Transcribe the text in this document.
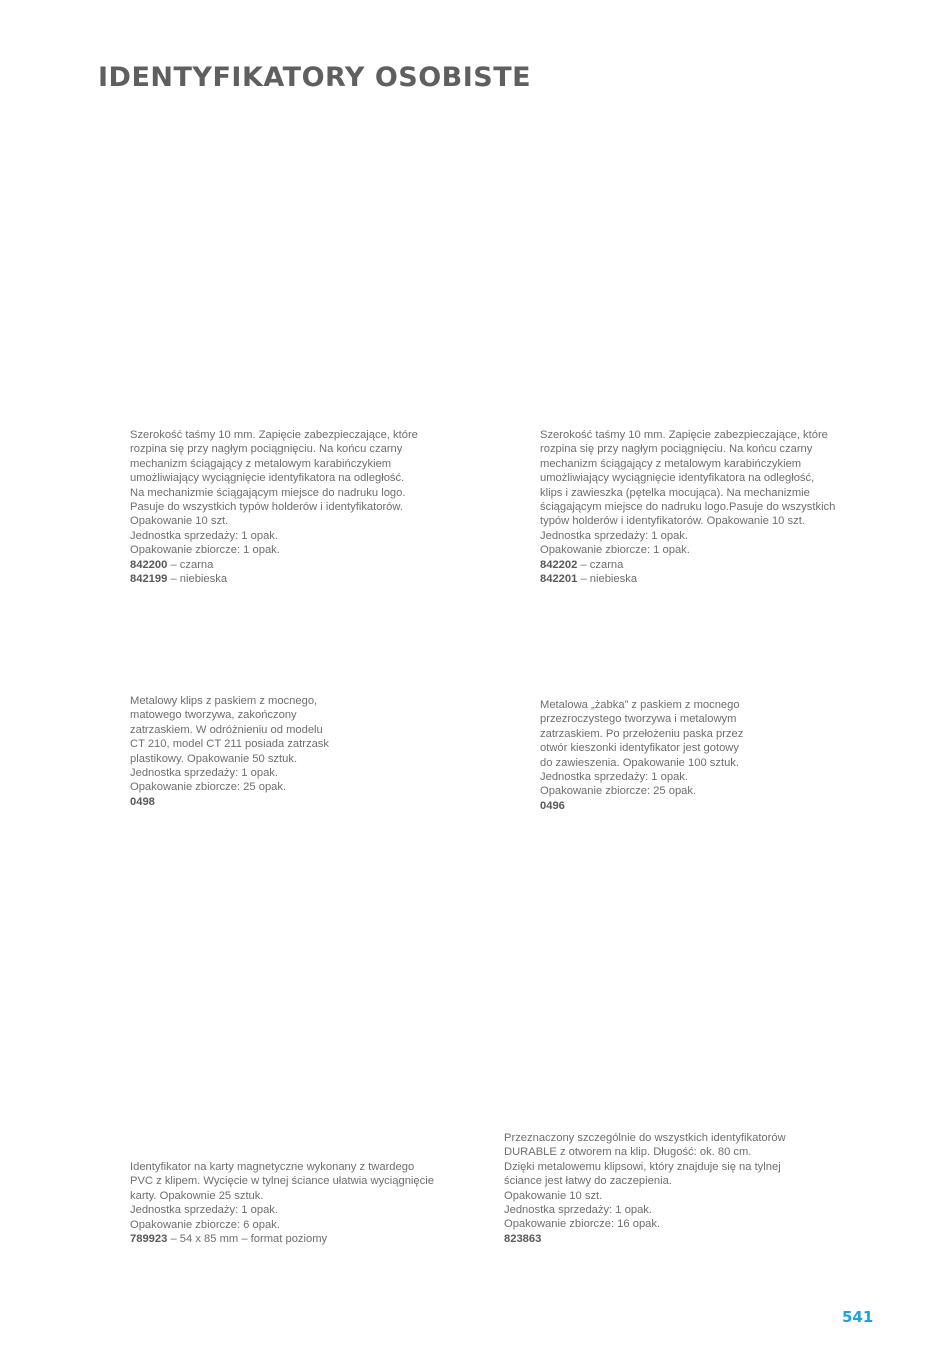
IDENTYFIKATORY OSOBISTE
Szerokość taśmy 10 mm. Zapięcie zabezpieczające, które
rozpina się przy nagłym pociągnięciu. Na końcu czarny
mechanizm ściągający z metalowym karabińczykiem
umożliwiający wyciągnięcie identyfikatora na odległość.
Na mechanizmie ściągającym miejsce do nadruku logo.
Pasuje do wszystkich typów holderów i identyfikatorów.
Opakowanie 10 szt.
Jednostka sprzedaży: 1 opak.
Opakowanie zbiorcze: 1 opak.
842200 – czarna
842199 – niebieska
Szerokość taśmy 10 mm. Zapięcie zabezpieczające, które
rozpina się przy nagłym pociągnięciu. Na końcu czarny
mechanizm ściągający z metalowym karabińczykiem
umożliwiający wyciągnięcie identyfikatora na odległość,
klips i zawieszka (pętelka mocująca). Na mechanizmie
ściągającym miejsce do nadruku logo.Pasuje do wszystkich
typów holderów i identyfikatorów. Opakowanie 10 szt.
Jednostka sprzedaży: 1 opak.
Opakowanie zbiorcze: 1 opak.
842202 – czarna
842201 – niebieska
Metalowy klips z paskiem z mocnego,
matowego tworzywa, zakończony
zatrzaskiem. W odróżnieniu od modelu
CT 210, model CT 211 posiada zatrzask
plastikowy. Opakowanie 50 sztuk.
Jednostka sprzedaży: 1 opak.
Opakowanie zbiorcze: 25 opak.
0498
Metalowa „żabka” z paskiem z mocnego
przezroczystego tworzywa i metalowym
zatrzaskiem. Po przełożeniu paska przez
otwór kieszonki identyfikator jest gotowy
do zawieszenia. Opakowanie 100 sztuk.
Jednostka sprzedaży: 1 opak.
Opakowanie zbiorcze: 25 opak.
0496
Identyfikator na karty magnetyczne wykonany z twardego
PVC z klipem. Wycięcie w tylnej ściance ułatwia wyciągnięcie
karty. Opakownie 25 sztuk.
Jednostka sprzedaży: 1 opak.
Opakowanie zbiorcze: 6 opak.
789923 – 54 x 85 mm – format poziomy
Przeznaczony szczególnie do wszystkich identyfikatorów
DURABLE z otworem na klip. Długość: ok. 80 cm.
Dzięki metalowemu klipsowi, który znajduje się na tylnej
ściance jest łatwy do zaczepienia.
Opakowanie 10 szt.
Jednostka sprzedaży: 1 opak.
Opakowanie zbiorcze: 16 opak.
823863
541
